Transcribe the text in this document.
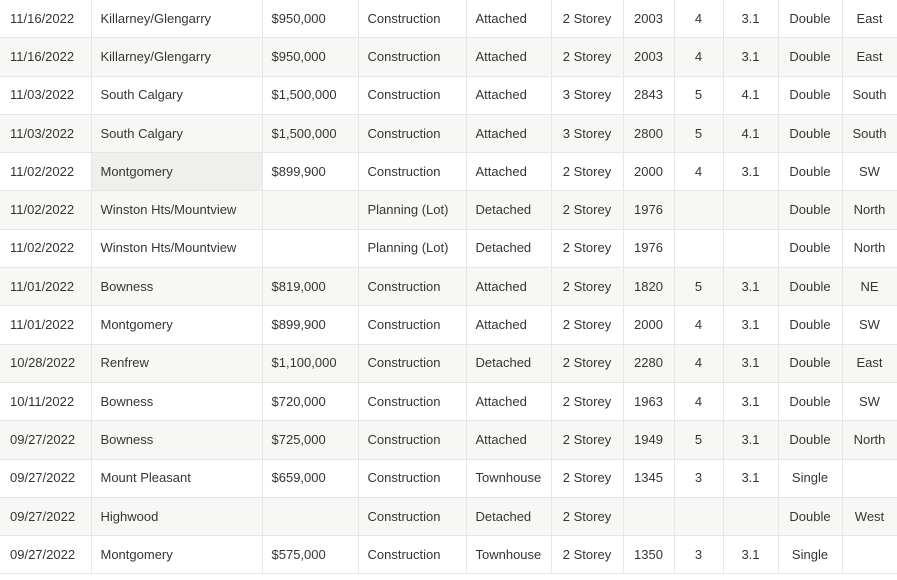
11/16/2022	Killarney/Glengarry	$950,000	Construction	Attached	2 Storey	2003	4	3.1	Double	East	
11/16/2022	Killarney/Glengarry	$950,000	Construction	Attached	2 Storey	2003	4	3.1	Double	East	
11/03/2022	South Calgary	$1,500,000	Construction	Attached	3 Storey	2843	5	4.1	Double	South	
11/03/2022	South Calgary	$1,500,000	Construction	Attached	3 Storey	2800	5	4.1	Double	South	
11/02/2022	Montgomery	$899,900	Construction	Attached	2 Storey	2000	4	3.1	Double	SW	
11/02/2022	Winston Hts/Mountview		Planning (Lot)	Detached	2 Storey	1976			Double	North	
11/02/2022	Winston Hts/Mountview		Planning (Lot)	Detached	2 Storey	1976			Double	North	
11/01/2022	Bowness	$819,000	Construction	Attached	2 Storey	1820	5	3.1	Double	NE	
11/01/2022	Montgomery	$899,900	Construction	Attached	2 Storey	2000	4	3.1	Double	SW	
10/28/2022	Renfrew	$1,100,000	Construction	Detached	2 Storey	2280	4	3.1	Double	East	
10/11/2022	Bowness	$720,000	Construction	Attached	2 Storey	1963	4	3.1	Double	SW	
09/27/2022	Bowness	$725,000	Construction	Attached	2 Storey	1949	5	3.1	Double	North	
09/27/2022	Mount Pleasant	$659,000	Construction	Townhouse	2 Storey	1345	3	3.1	Single		
09/27/2022	Highwood		Construction	Detached	2 Storey				Double	West	
09/27/2022	Montgomery	$575,000	Construction	Townhouse	2 Storey	1350	3	3.1	Single		
